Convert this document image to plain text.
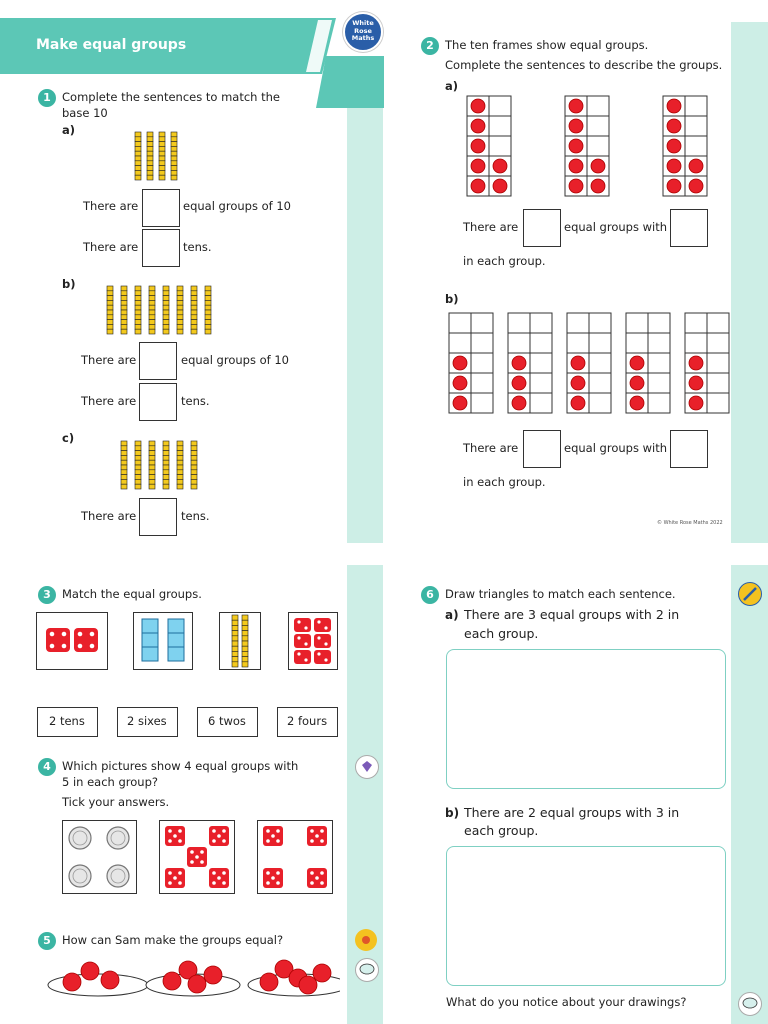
Make equal groups
White
Rose
Maths
1 Complete the sentences to match the
base 10
a)
There are	equal groups of 10
There are	tens.
b)
There are	equal groups of 10
There are	tens.
c)
There are	tens.
2 The ten frames show equal groups.
Complete the sentences to describe the groups.
a)
There are	equal groups with
in each group.
b)
There are	equal groups with
in each group.
© White Rose Maths 2022
3 Match the equal groups.
2 tens	2 sixes	6 twos	2 fours
4 Which pictures show 4 equal groups with
5 in each group?
Tick your answers.
5 How can Sam make the groups equal?
6 Draw triangles to match each sentence.
a) There are 3 equal groups with 2 in
each group.
b) There are 2 equal groups with 3 in
each group.
What do you notice about your drawings?
